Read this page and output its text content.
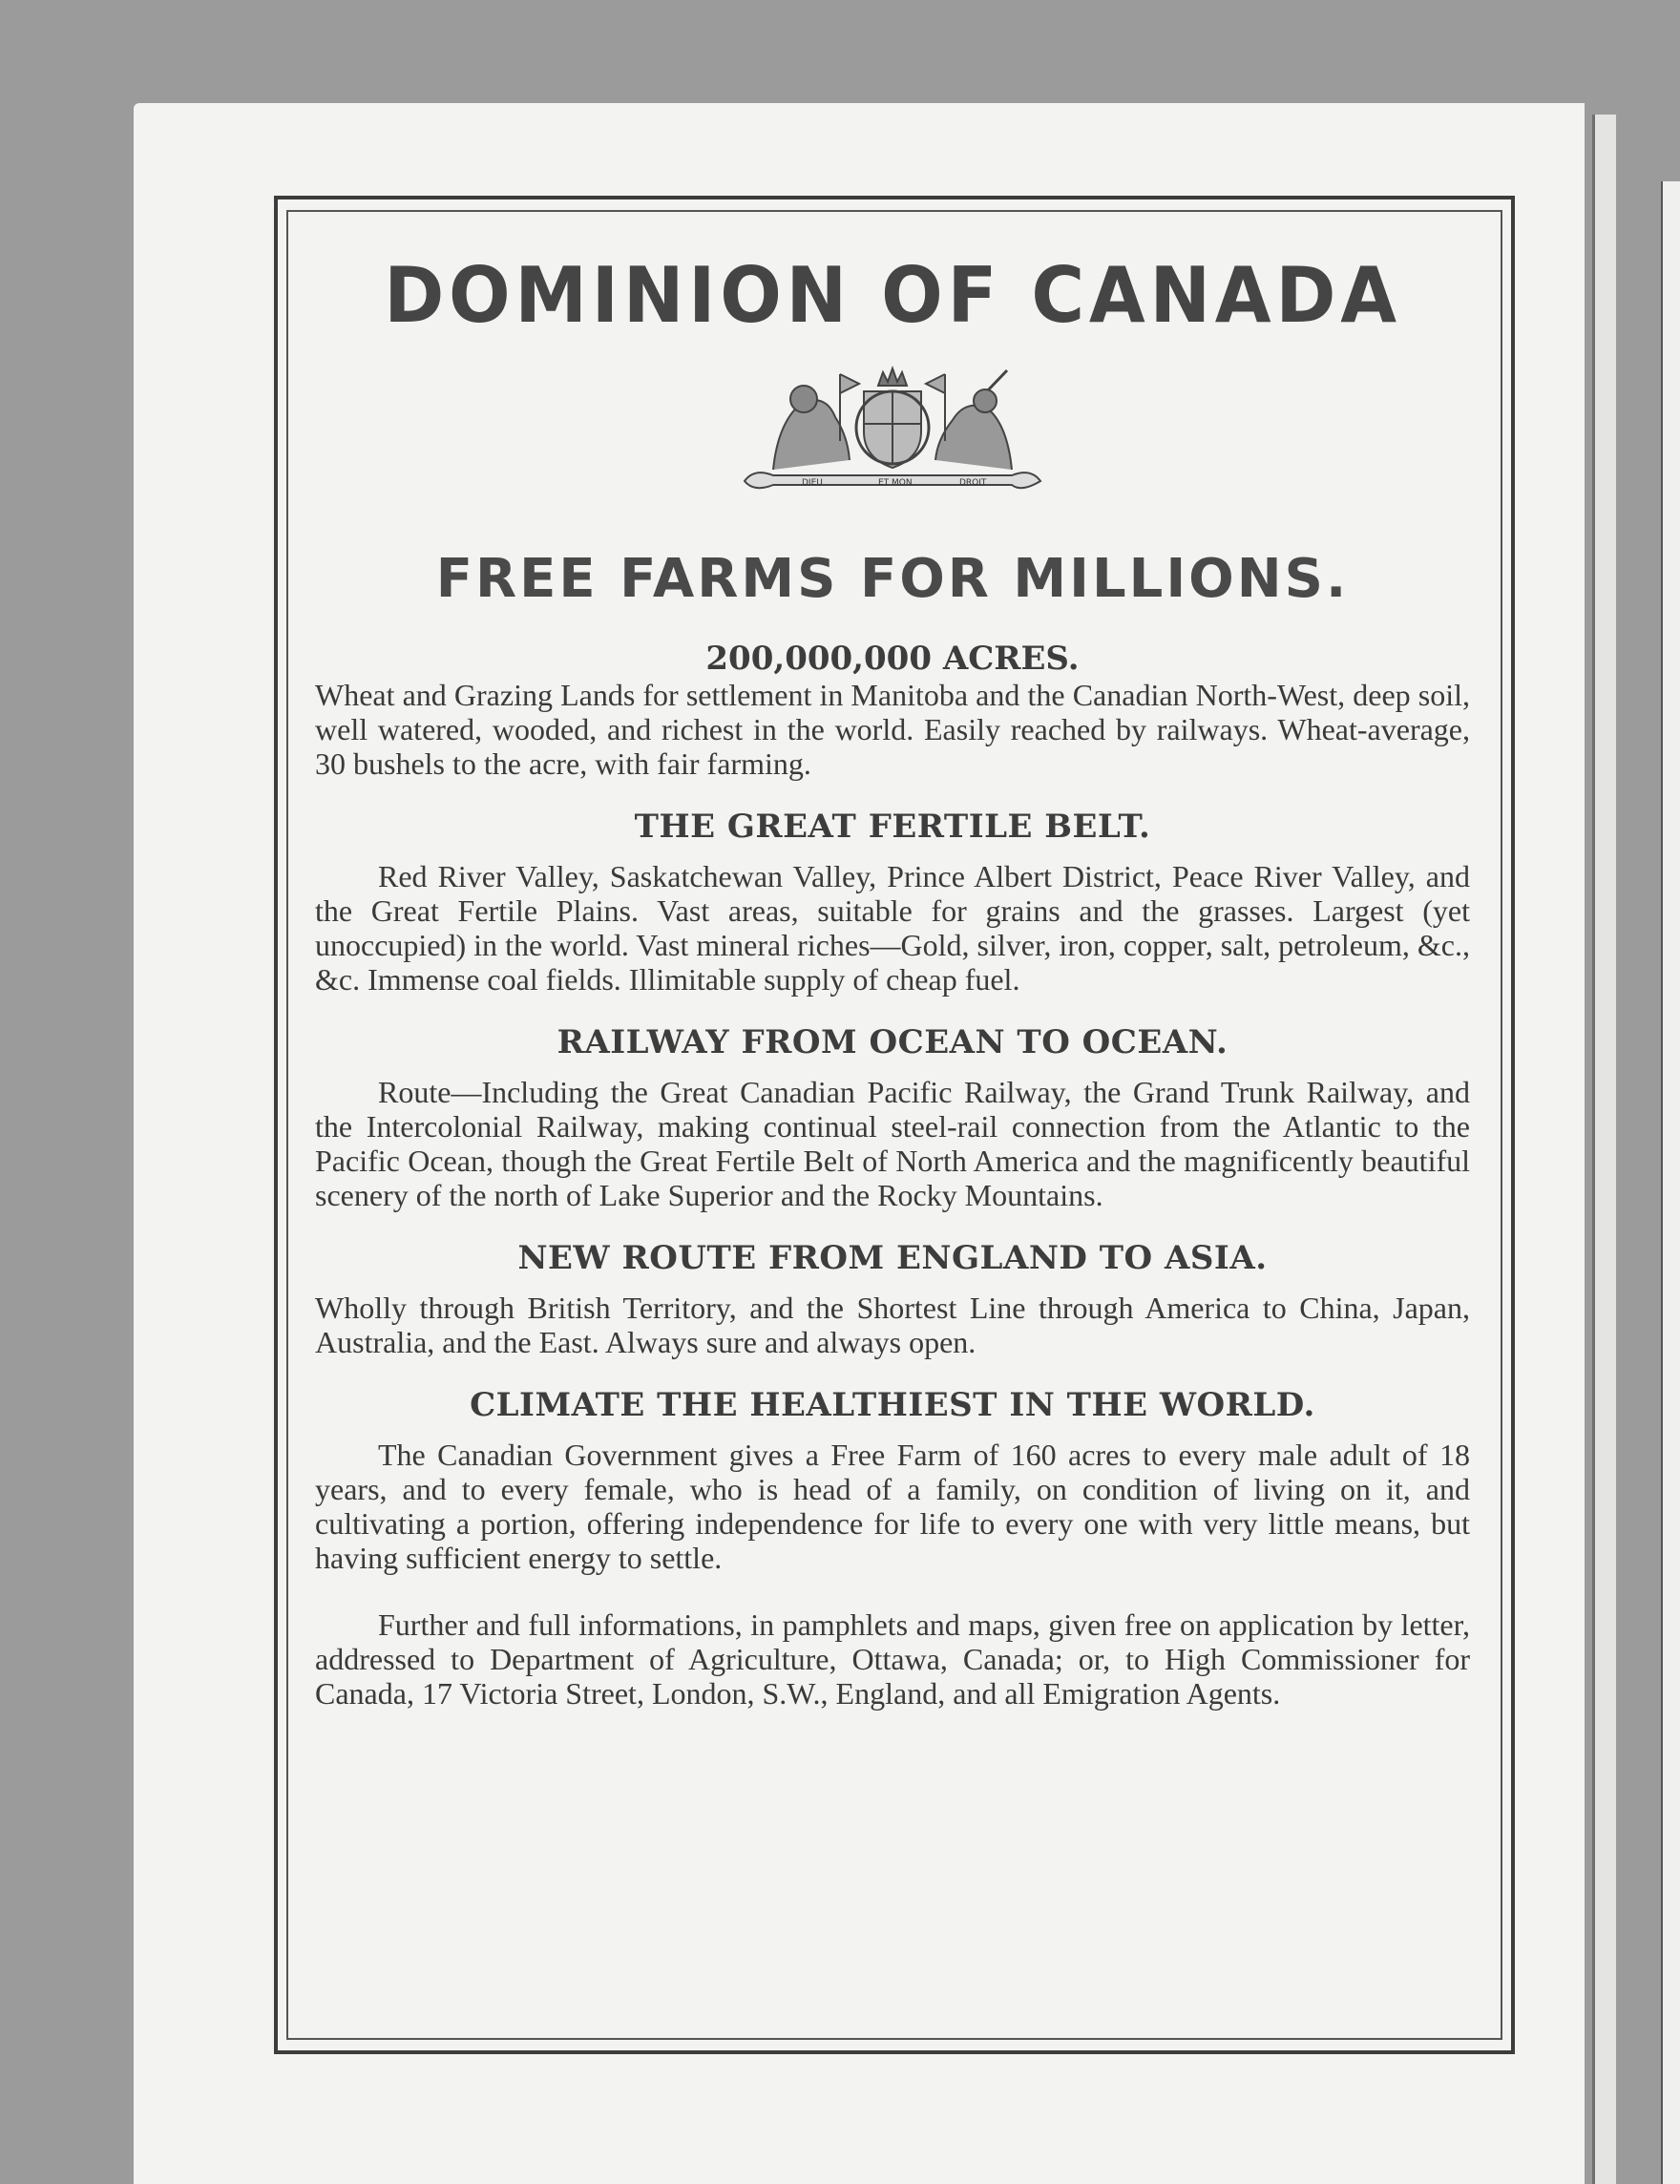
DOMINION OF CANADA
DIEU	ET MON	DROIT
FREE FARMS FOR MILLIONS.
200,000,000 ACRES.

Wheat and Grazing Lands for settlement in Manitoba and the Canadian North-West, deep soil, well watered, wooded, and richest in the world. Easily reached by railways. Wheat-average, 30 bushels to the acre, with fair farming.

THE GREAT FERTILE BELT.

Red River Valley, Saskatchewan Valley, Prince Albert District, Peace River Valley, and the Great Fertile Plains. Vast areas, suitable for grains and the grasses. Largest (yet unoccupied) in the world. Vast mineral riches—Gold, silver, iron, copper, salt, petroleum, &c., &c. Immense coal fields. Illimitable supply of cheap fuel.

RAILWAY FROM OCEAN TO OCEAN.

Route—Including the Great Canadian Pacific Railway, the Grand Trunk Railway, and the Intercolonial Railway, making continual steel-rail connection from the Atlantic to the Pacific Ocean, though the Great Fertile Belt of North America and the magnificently beautiful scenery of the north of Lake Superior and the Rocky Mountains.

NEW ROUTE FROM ENGLAND TO ASIA.

Wholly through British Territory, and the Shortest Line through America to China, Japan, Australia, and the East. Always sure and always open.

CLIMATE THE HEALTHIEST IN THE WORLD.

The Canadian Government gives a Free Farm of 160 acres to every male adult of 18 years, and to every female, who is head of a family, on condition of living on it, and cultivating a portion, offering independence for life to every one with very little means, but having sufficient energy to settle.

Further and full informations, in pamphlets and maps, given free on application by letter, addressed to Department of Agriculture, Ottawa, Canada; or, to High Commissioner for Canada, 17 Victoria Street, London, S.W., England, and all Emigration Agents.
